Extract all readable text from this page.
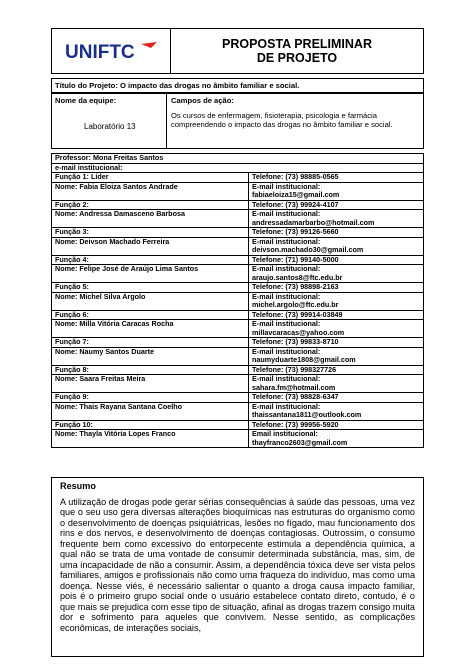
UNIFTC	PROPOSTA PRELIMINAR
DE PROJETO
Título do Projeto: O impacto das drogas no âmbito familiar e social.
Nome da equipe:
Laboratório 13
Campos de ação:
Os cursos de enfermagem, fisioterapia, psicologia e farmácia compreendendo o impacto das drogas no âmbito familiar e social.
Professor: Mona Freitas Santos	
e-mail institucional:	
Função 1: Líder	Telefone: (73) 98885-0565
Nome: Fabia Eloiza Santos Andrade	E-mail institucional:
fabiaeloiza15@gmail.com

Função 2:	Telefone: (73) 99924-4107
Nome: Andressa Damasceno Barbosa	E-mail institucional:
andressadamarbarbo@hotmail.com

Função 3:	Telefone: (73) 99126-5660
Nome: Deivson Machado Ferreira	E-mail institucional:
deivson.machado30@gmail.com

Função 4:	Telefone: (71) 99140-5000
Nome: Felipe José de Araújo Lima Santos	E-mail institucional:
araujo.santos8@ftc.edu.br

Função 5:	Telefone: (73) 98898-2163
Nome: Michel Silva Argolo	E-mail institucional:
michel.argolo@ftc.edu.br

Função 6:	Telefone: (73) 99914-03849
Nome: Milla Vitória Caracas Rocha	E-mail institucional:
millavcaracas@yahoo.com

Função 7:	Telefone: (73) 99833-8710
Nome: Naumy Santos Duarte	E-mail institucional:
naumyduarte1808@gmail.com

Função 8:	Telefone: (73) 998327726
Nome: Saara Freitas Meira	E-mail institucional:
sahara.fm@hotmail.com

Função 9:	Telefone: (73) 98828-6347
Nome: Thais Rayana Santana Coelho	E-mail institucional:
thaissantana1811@outlook.com

Função 10:	Telefone: (73) 99956-5920
Nome: Thayla Vitória Lopes Franco	Email institucional:
thayfranco2603@gmail.com
Resumo
A utilização de drogas pode gerar sérias consequências à saúde das pessoas, uma vez que o seu uso gera diversas alterações bioquímicas nas estruturas do organismo como o desenvolvimento de doenças psiquiátricas, lesões no fígado, mau funcionamento dos rins e dos nervos, e desenvolvimento de doenças contagiosas. Outrossim, o consumo frequente bem como excessivo do entorpecente estimula a dependência química, a qual não se trata de uma vontade de consumir determinada substância, mas, sim, de uma incapacidade de não a consumir. Assim, a dependência tóxica deve ser vista pelos familiares, amigos e profissionais não como uma fraqueza do indivíduo, mas como uma doença. Nesse viés, é necessário salientar o quanto a droga causa impacto familiar, pois é o primeiro grupo social onde o usuário estabelece contato direto, contudo, é o que mais se prejudica com esse tipo de situação, afinal as drogas trazem consigo muita dor e sofrimento para aqueles que convivem. Nesse sentido, as complicações econômicas, de interações sociais,
